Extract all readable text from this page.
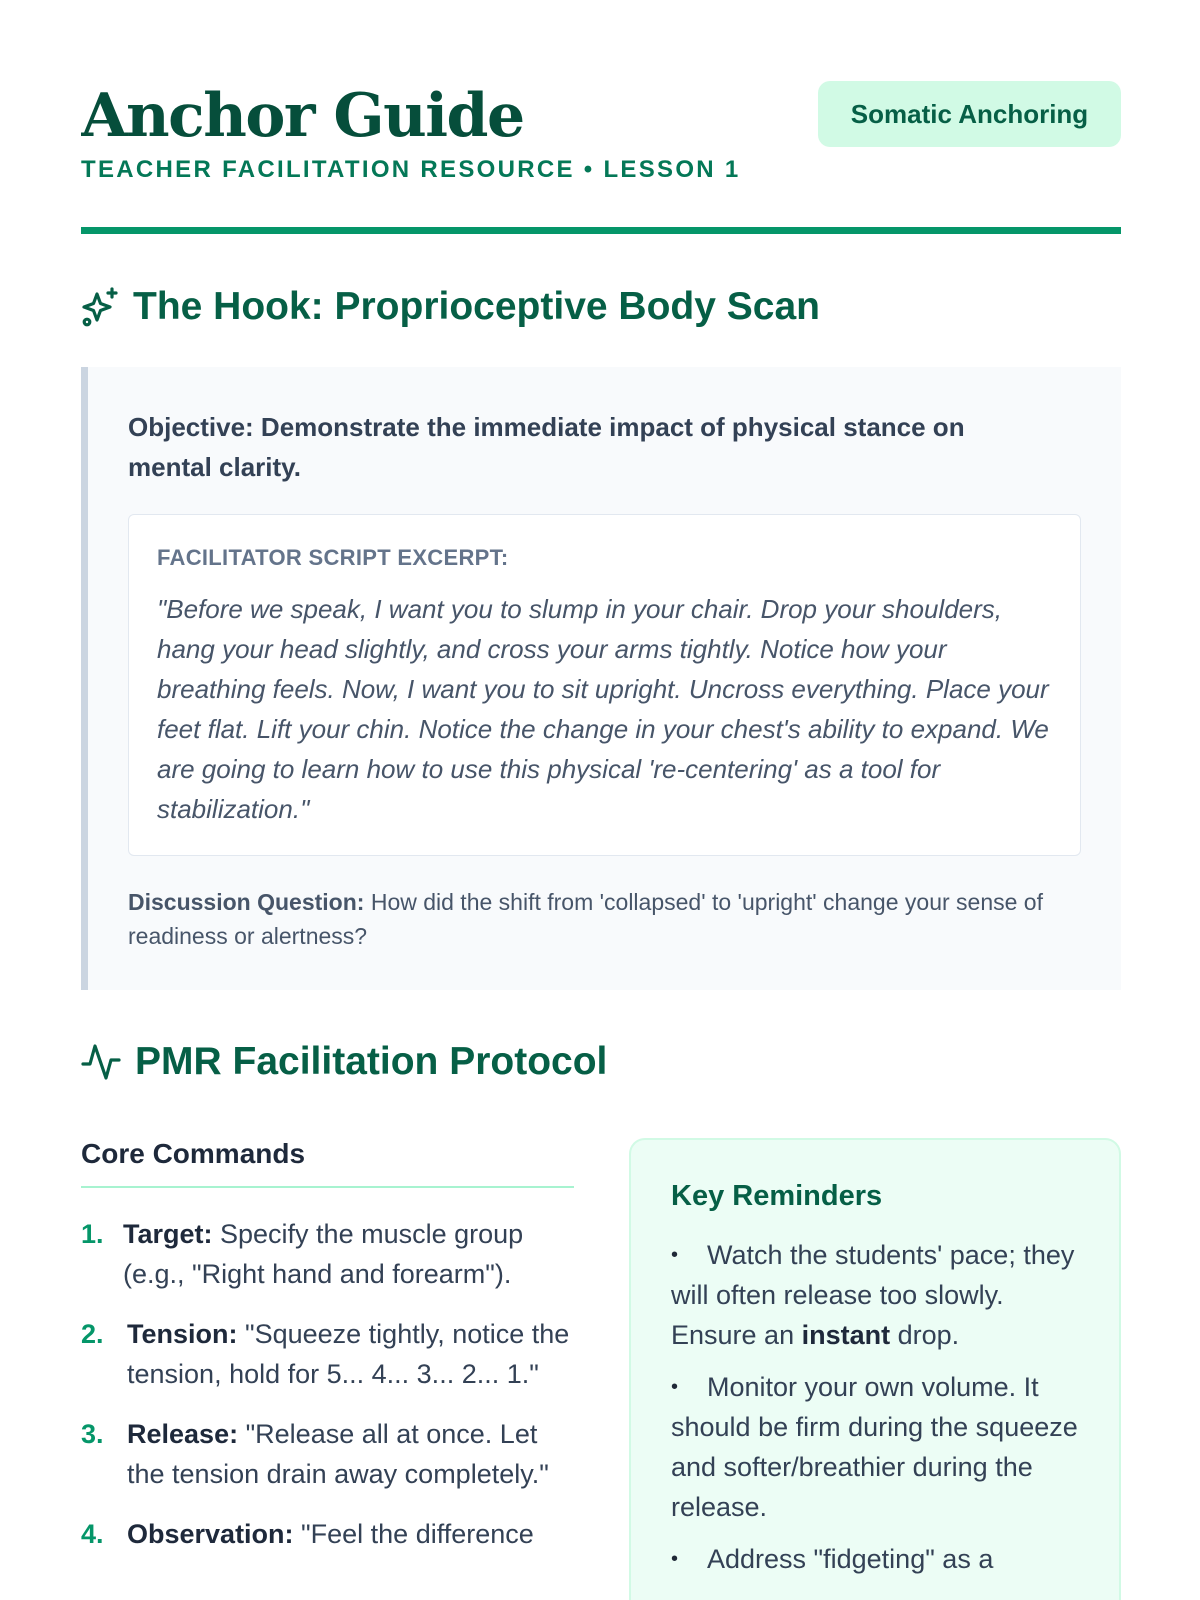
Anchor Guide
TEACHER FACILITATION RESOURCE • LESSON 1
Somatic Anchoring
The Hook: Proprioceptive Body Scan
Objective: Demonstrate the immediate impact of physical stance on mental clarity.
FACILITATOR SCRIPT EXCERPT:
"Before we speak, I want you to slump in your chair. Drop your shoulders, hang your head slightly, and cross your arms tightly. Notice how your breathing feels. Now, I want you to sit upright. Uncross everything. Place your feet flat. Lift your chin. Notice the change in your chest's ability to expand. We are going to learn how to use this physical 're-centering' as a tool for stabilization."
Discussion Question: How did the shift from 'collapsed' to 'upright' change your sense of readiness or alertness?
PMR Facilitation Protocol
Core Commands
1. Target: Specify the muscle group (e.g., "Right hand and forearm").
2. Tension: "Squeeze tightly, notice the tension, hold for 5... 4... 3... 2... 1."
3. Release: "Release all at once. Let the tension drain away completely."
4. Observation: "Feel the difference
Key Reminders
• Watch the students' pace; they will often release too slowly. Ensure an instant drop.
• Monitor your own volume. It should be firm during the squeeze and softer/breathier during the release.
• Address "fidgeting" as a
